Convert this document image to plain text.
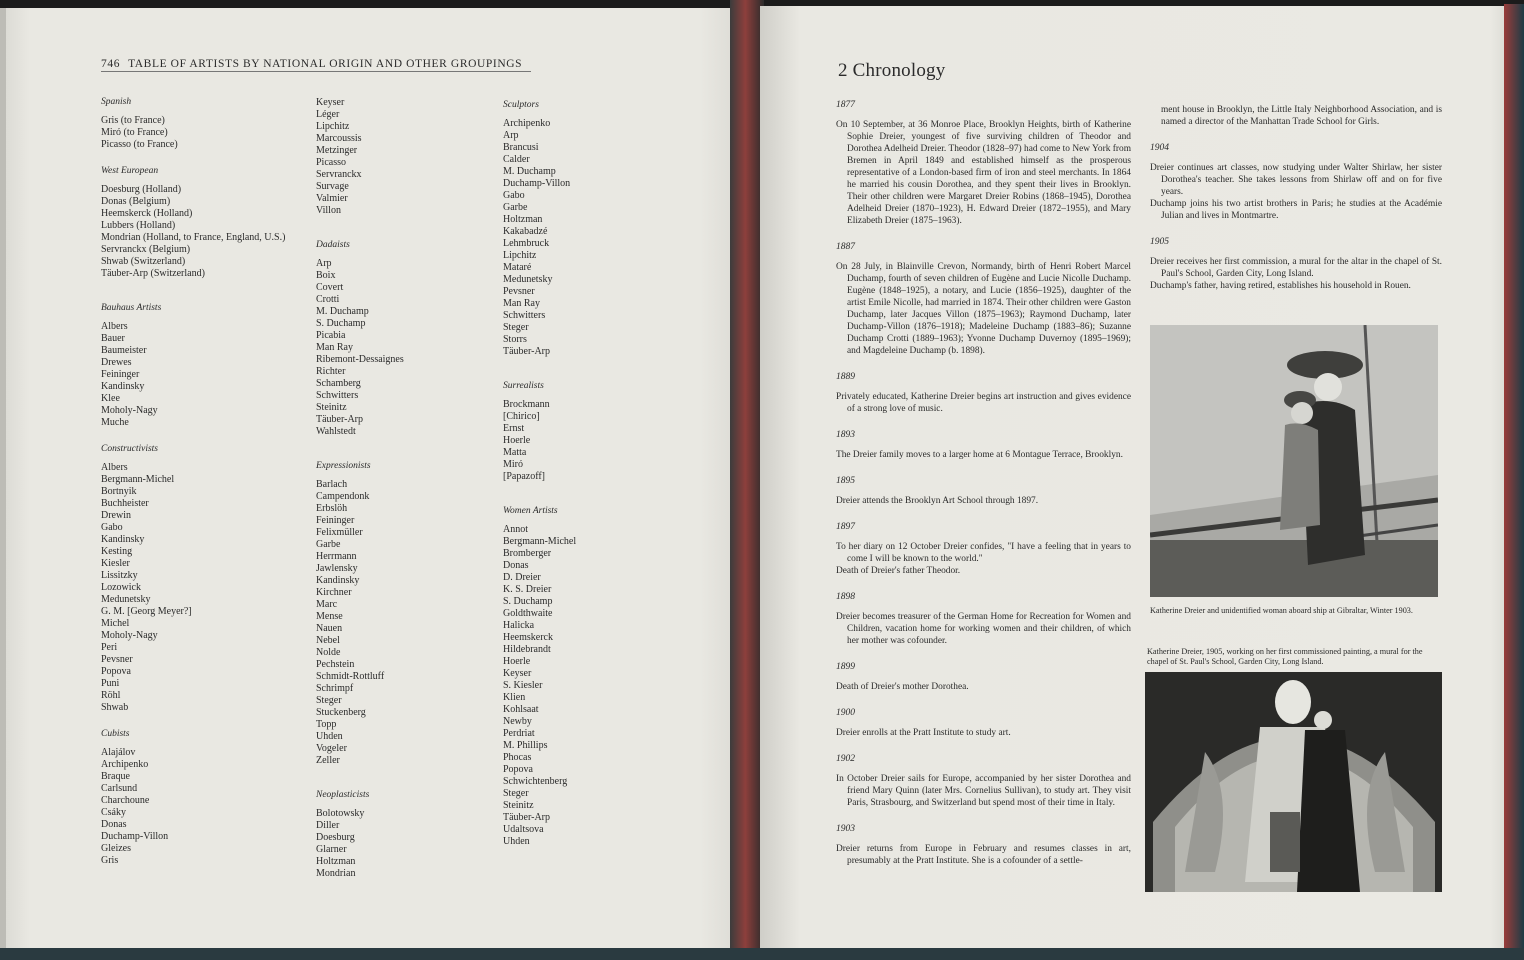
746 TABLE OF ARTISTS BY NATIONAL ORIGIN AND OTHER GROUPINGS
Spanish
Gris (to France)
Miró (to France)
Picasso (to France)
West European
Doesburg (Holland)
Donas (Belgium)
Heemskerck (Holland)
Lubbers (Holland)
Mondrian (Holland, to France, England, U.S.)
Servranckx (Belgium)
Shwab (Switzerland)
Täuber-Arp (Switzerland)
Bauhaus Artists
Albers
Bauer
Baumeister
Drewes
Feininger
Kandinsky
Klee
Moholy-Nagy
Muche
Constructivists
Albers
Bergmann-Michel
Bortnyik
Buchheister
Drewin
Gabo
Kandinsky
Kesting
Kiesler
Lissitzky
Lozowick
Medunetsky
G. M. [Georg Meyer?]
Michel
Moholy-Nagy
Peri
Pevsner
Popova
Puni
Röhl
Shwab
Cubists
Alajálov
Archipenko
Braque
Carlsund
Charchoune
Csáky
Donas
Duchamp-Villon
Gleizes
Gris
Keyser
Léger
Lipchitz
Marcoussis
Metzinger
Picasso
Servranckx
Survage
Valmier
Villon
Dadaists
Arp
Boix
Covert
Crotti
M. Duchamp
S. Duchamp
Picabia
Man Ray
Ribemont-Dessaignes
Richter
Schamberg
Schwitters
Steinitz
Täuber-Arp
Wahlstedt
Expressionists
Barlach
Campendonk
Erbslöh
Feininger
Felixmüller
Garbe
Herrmann
Jawlensky
Kandinsky
Kirchner
Marc
Mense
Nauen
Nebel
Nolde
Pechstein
Schmidt-Rottluff
Schrimpf
Steger
Stuckenberg
Topp
Uhden
Vogeler
Zeller
Neoplasticists
Bolotowsky
Diller
Doesburg
Glarner
Holtzman
Mondrian
Sculptors
Archipenko
Arp
Brancusi
Calder
M. Duchamp
Duchamp-Villon
Gabo
Garbe
Holtzman
Kakabadzé
Lehmbruck
Lipchitz
Mataré
Medunetsky
Pevsner
Man Ray
Schwitters
Steger
Storrs
Täuber-Arp
Surrealists
Brockmann
[Chirico]
Ernst
Hoerle
Matta
Miró
[Papazoff]
Women Artists
Annot
Bergmann-Michel
Bromberger
Donas
D. Dreier
K. S. Dreier
S. Duchamp
Goldthwaite
Halicka
Heemskerck
Hildebrandt
Hoerle
Keyser
S. Kiesler
Klien
Kohlsaat
Newby
Perdriat
M. Phillips
Phocas
Popova
Schwichtenberg
Steger
Steinitz
Täuber-Arp
Udaltsova
Uhden
2 Chronology
1877
On 10 September, at 36 Monroe Place, Brooklyn Heights, birth of Katherine Sophie Dreier, youngest of five surviving children of Theodor and Dorothea Adelheid Dreier. Theodor (1828–97) had come to New York from Bremen in April 1849 and established himself as the prosperous representative of a London-based firm of iron and steel merchants. In 1864 he married his cousin Dorothea, and they spent their lives in Brooklyn. Their other children were Margaret Dreier Robins (1868–1945), Dorothea Adelheid Dreier (1870–1923), H. Edward Dreier (1872–1955), and Mary Elizabeth Dreier (1875–1963).
1887
On 28 July, in Blainville Crevon, Normandy, birth of Henri Robert Marcel Duchamp, fourth of seven children of Eugène and Lucie Nicolle Duchamp. Eugène (1848–1925), a notary, and Lucie (1856–1925), daughter of the artist Emile Nicolle, had married in 1874. Their other children were Gaston Duchamp, later Jacques Villon (1875–1963); Raymond Duchamp, later Duchamp-Villon (1876–1918); Madeleine Duchamp (1883–86); Suzanne Duchamp Crotti (1889–1963); Yvonne Duchamp Duvernoy (1895–1969); and Magdeleine Duchamp (b. 1898).
1889
Privately educated, Katherine Dreier begins art instruction and gives evidence of a strong love of music.
1893
The Dreier family moves to a larger home at 6 Montague Terrace, Brooklyn.
1895
Dreier attends the Brooklyn Art School through 1897.
1897
To her diary on 12 October Dreier confides, "I have a feeling that in years to come I will be known to the world."
Death of Dreier's father Theodor.
1898
Dreier becomes treasurer of the German Home for Recreation for Women and Children, vacation home for working women and their children, of which her mother was cofounder.
1899
Death of Dreier's mother Dorothea.
1900
Dreier enrolls at the Pratt Institute to study art.
1902
In October Dreier sails for Europe, accompanied by her sister Dorothea and friend Mary Quinn (later Mrs. Cornelius Sullivan), to study art. They visit Paris, Strasbourg, and Switzerland but spend most of their time in Italy.
1903
Dreier returns from Europe in February and resumes classes in art, presumably at the Pratt Institute. She is a cofounder of a settle-
ment house in Brooklyn, the Little Italy Neighborhood Association, and is named a director of the Manhattan Trade School for Girls.
1904
Dreier continues art classes, now studying under Walter Shirlaw, her sister Dorothea's teacher. She takes lessons from Shirlaw off and on for five years.
Duchamp joins his two artist brothers in Paris; he studies at the Académie Julian and lives in Montmartre.
1905
Dreier receives her first commission, a mural for the altar in the chapel of St. Paul's School, Garden City, Long Island.
Duchamp's father, having retired, establishes his household in Rouen.
Katherine Dreier and unidentified woman aboard ship at Gibraltar, Winter 1903.
Katherine Dreier, 1905, working on her first commissioned painting, a mural for the chapel of St. Paul's School, Garden City, Long Island.
